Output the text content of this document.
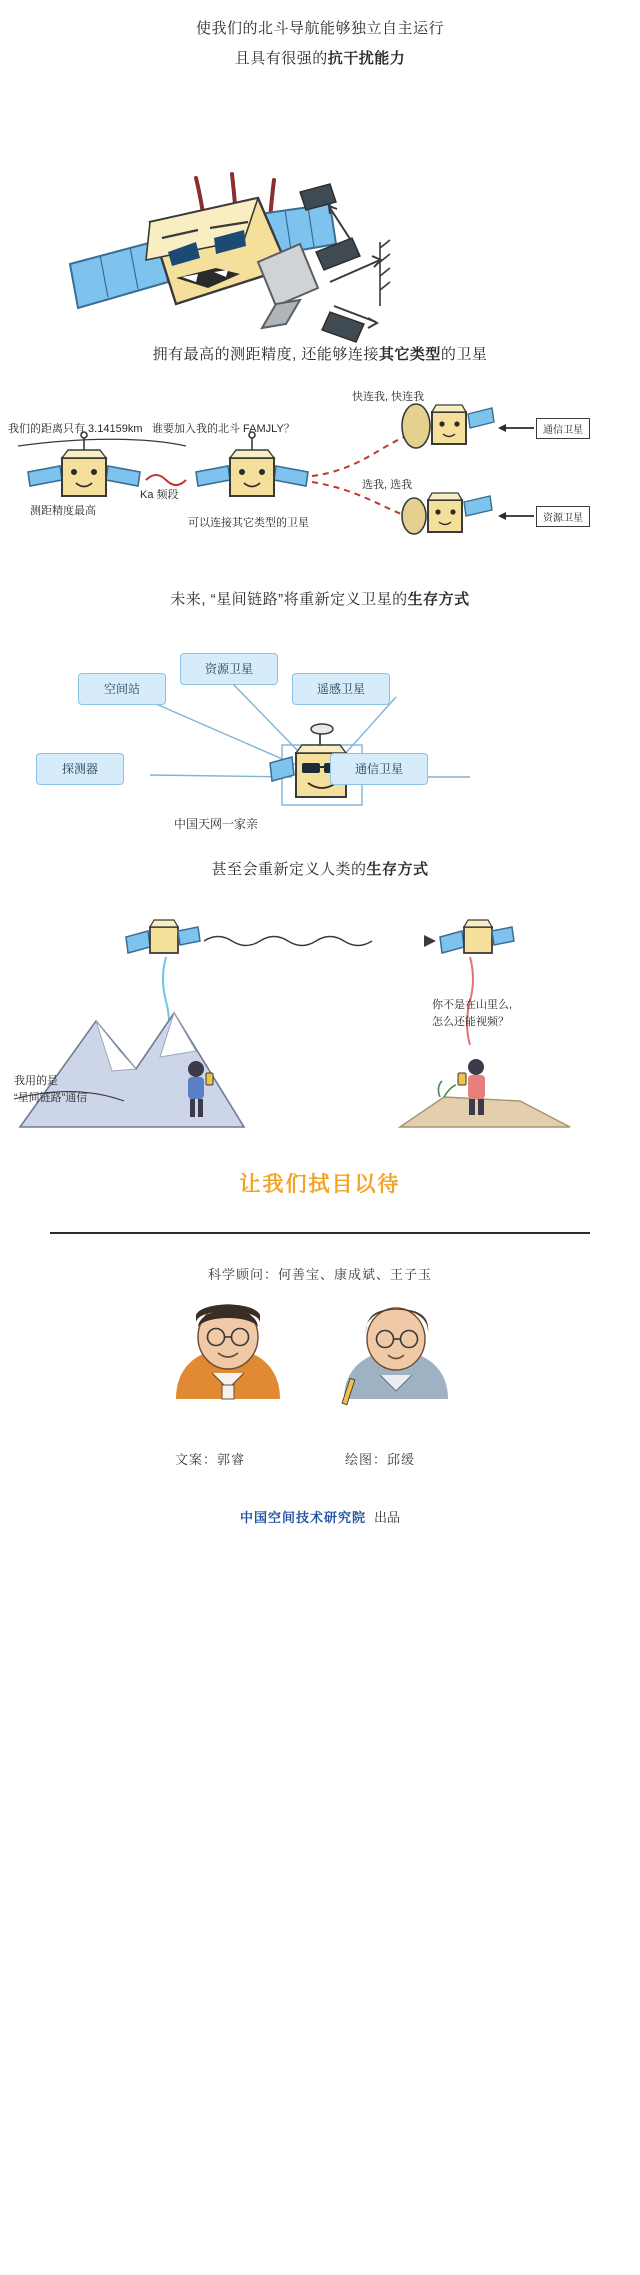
使我们的北斗导航能够独立自主运行
且具有很强的抗干扰能力
拥有最高的测距精度, 还能够连接其它类型的卫星
我们的距离只有 3.14159km 谁要加入我的北斗 FAMJLY？
测距精度最高
可以连接其它类型的卫星
Ka 频段
快连我, 快连我
选我, 选我
通信卫星
资源卫星
未来, “星间链路”将重新定义卫星的生存方式
空间站
资源卫星
遥感卫星
探测器	通信卫星
中国天网一家亲
甚至会重新定义人类的生存方式
我用的是
“星间链路”通信
你不是在山里么,
怎么还能视频？
让我们拭目以待
科学顾问：何善宝、康成斌、王子玉
文案：郭睿	绘图：邱缓
中国空间技术研究院 出品
